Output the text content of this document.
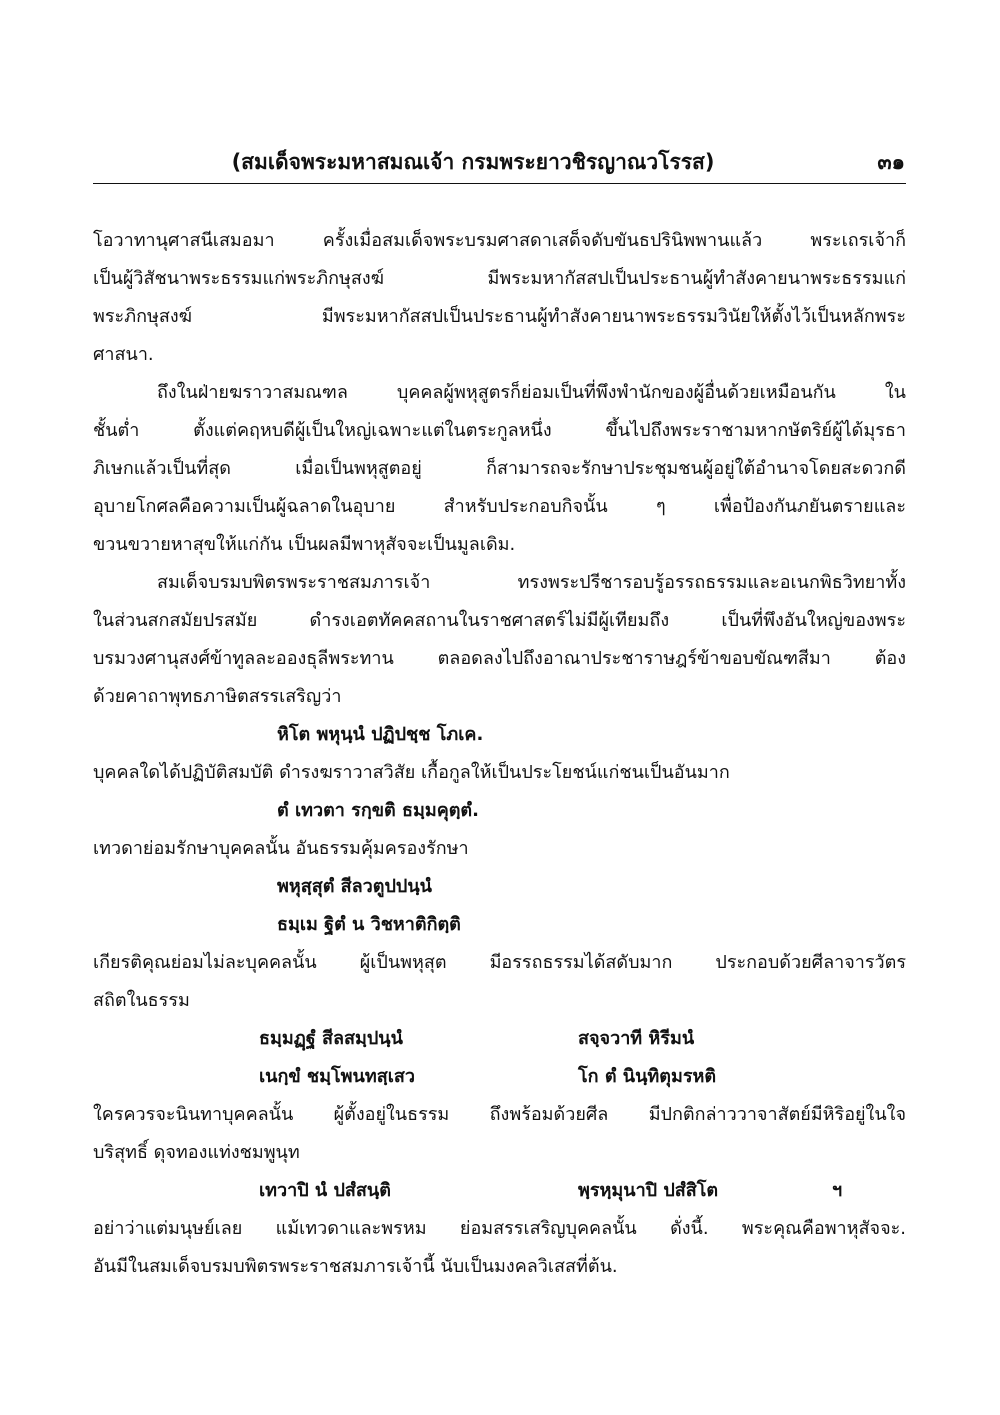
(สมเด็จพระมหาสมณเจ้า กรมพระยาวชิรญาณวโรรส)	๓๑
โอวาทานุศาสนีเสมอมา ครั้งเมื่อสมเด็จพระบรมศาสดาเสด็จดับขันธปรินิพพานแล้ว พระเถรเจ้าก็
เป็นผู้วิสัชนาพระธรรมแก่พระภิกษุสงฆ์ มีพระมหากัสสปเป็นประธานผู้ทำสังคายนาพระธรรมแก่
พระภิกษุสงฆ์ มีพระมหากัสสปเป็นประธานผู้ทำสังคายนาพระธรรมวินัยให้ตั้งไว้เป็นหลักพระ
ศาสนา.
ถึงในฝ่ายฆราวาสมณฑล บุคคลผู้พหุสูตรก็ย่อมเป็นที่พึงพำนักของผู้อื่นด้วยเหมือนกัน ใน
ชั้นต่ำ ตั้งแต่คฤหบดีผู้เป็นใหญ่เฉพาะแต่ในตระกูลหนึ่ง ขึ้นไปถึงพระราชามหากษัตริย์ผู้ได้มุรธา
ภิเษกแล้วเป็นที่สุด เมื่อเป็นพหุสูตอยู่ ก็สามารถจะรักษาประชุมชนผู้อยู่ใต้อำนาจโดยสะดวกดี
อุบายโกศลคือความเป็นผู้ฉลาดในอุบาย สำหรับประกอบกิจนั้น ๆ เพื่อป้องกันภยันตรายและ
ขวนขวายหาสุขให้แก่กัน เป็นผลมีพาหุสัจจะเป็นมูลเดิม.
สมเด็จบรมบพิตรพระราชสมภารเจ้า ทรงพระปรีชารอบรู้อรรถธรรมและอเนกพิธวิทยาทั้ง
ในส่วนสกสมัยปรสมัย ดำรงเอตทัคคสถานในราชศาสตร์ไม่มีผู้เทียมถึง เป็นที่พึงอันใหญ่ของพระ
บรมวงศานุสงศ์ข้าทูลละอองธุลีพระทาน ตลอดลงไปถึงอาณาประชาราษฎร์ข้าขอบขัณฑสีมา ต้อง
ด้วยคาถาพุทธภาษิตสรรเสริญว่า
หิโต พหุนฺนํ ปฏิปชฺช โภเค.
บุคคลใดได้ปฏิบัติสมบัติ ดำรงฆราวาสวิสัย เกื้อกูลให้เป็นประโยชน์แก่ชนเป็นอันมาก
ตํ เทวตา รกฺขติ ธมฺมคุตฺตํ.
เทวดาย่อมรักษาบุคคลนั้น อันธรรมคุ้มครองรักษา
พหุสฺสุตํ สีลวตูปปนฺนํ
ธมฺเม ฐิตํ น วิชหาติกิตฺติ
เกียรติคุณย่อมไม่ละบุคคลนั้น ผู้เป็นพหุสุต มีอรรถธรรมได้สดับมาก ประกอบด้วยศีลาจารวัตร
สถิตในธรรม
ธมฺมฏฺฐํ สีลสมฺปนฺนํ	สจฺจวาที หิรีมนํ
เนกฺขํ ชมฺโพนทสฺเสว	โก ตํ นินฺทิตุมรหติ
ใครควรจะนินทาบุคคลนั้น ผู้ตั้งอยู่ในธรรม ถึงพร้อมด้วยศีล มีปกติกล่าววาจาสัตย์มีหิริอยู่ในใจ
บริสุทธิ์ ดุจทองแท่งชมพูนุท
เทวาปิ นํ ปสํสนฺติ	พฺรหฺมุนาปิ ปสํสิโต	ฯ
อย่าว่าแต่มนุษย์เลย แม้เทวดาและพรหม ย่อมสรรเสริญบุคคลนั้น ดั่งนี้. พระคุณคือพาหุสัจจะ.
อันมีในสมเด็จบรมบพิตรพระราชสมภารเจ้านี้ นับเป็นมงคลวิเสสที่ต้น.
